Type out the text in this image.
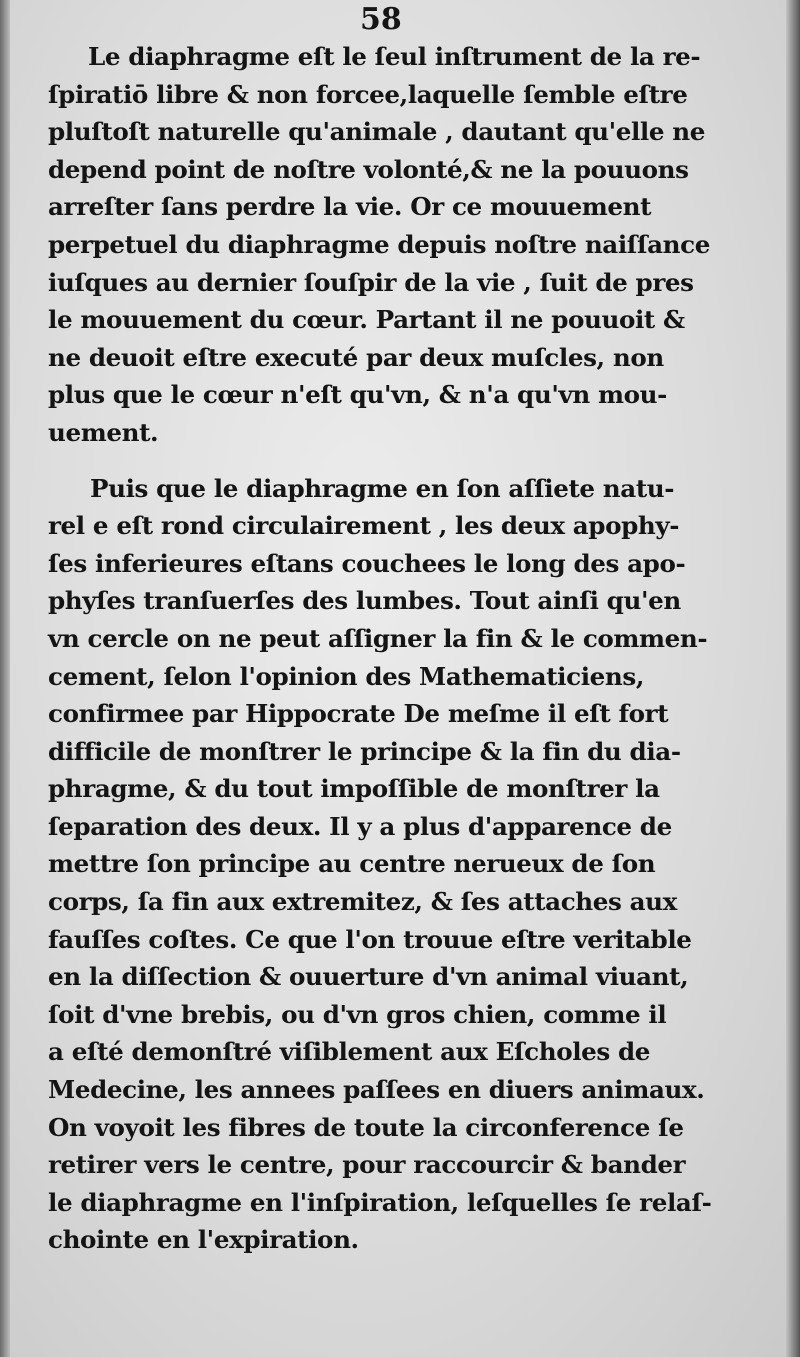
58
Le diaphragme eſt le ſeul inſtrument de la re-
ſpiratiō libre & non forcee,laquelle ſemble eſtre
pluſtoſt naturelle qu'animale , dautant qu'elle ne
depend point de noſtre volonté,& ne la pouuons
arreſter ſans perdre la vie. Or ce mouuement
perpetuel du diaphragme depuis noſtre naiſſance
iuſques au dernier ſouſpir de la vie , ſuit de pres
le mouuement du cœur. Partant il ne pouuoit &
ne deuoit eſtre executé par deux muſcles, non
plus que le cœur n'eſt qu'vn, & n'a qu'vn mou-
uement.
Puis que le diaphragme en ſon aſſiete natu-
rel e eſt rond circulairement , les deux apophy-
ſes inferieures eſtans couchees le long des apo-
phyſes tranſuerſes des lumbes. Tout ainſi qu'en
vn cercle on ne peut aſſigner la fin & le commen-
cement, ſelon l'opinion des Mathematiciens,
confirmee par Hippocrate De meſme il eſt fort
difficile de monſtrer le principe & la fin du dia-
phragme, & du tout impoſſible de monſtrer la
ſeparation des deux. Il y a plus d'apparence de
mettre ſon principe au centre nerueux de ſon
corps, ſa fin aux extremitez, & ſes attaches aux
fauſſes coſtes. Ce que l'on trouue eſtre veritable
en la diſſection & ouuerture d'vn animal viuant,
ſoit d'vne brebis, ou d'vn gros chien, comme il
a eſté demonſtré viſiblement aux Eſcholes de
Medecine, les annees paſſees en diuers animaux.
On voyoit les fibres de toute la circonference ſe
retirer vers le centre, pour raccourcir & bander
le diaphragme en l'inſpiration, leſquelles ſe relaſ-
chointe en l'expiration.
